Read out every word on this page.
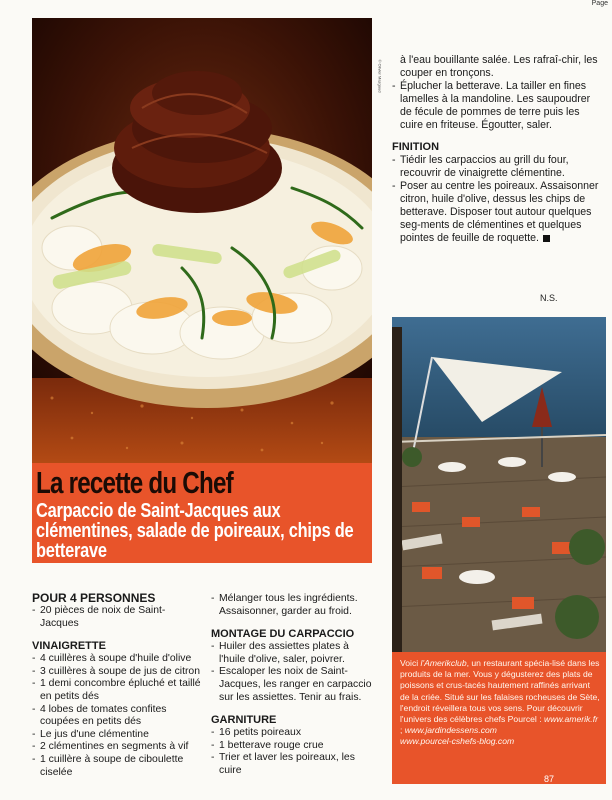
Page
© Olivier Mazgaud
La recette du Chef
Carpaccio de Saint-Jacques aux clémentines, salade de poireaux, chips de betterave
POUR 4 PERSONNES
- 20 pièces de noix de Saint-Jacques
VINAIGRETTE
- 4 cuillères à soupe d'huile d'olive
- 3 cuillères à soupe de jus de citron
- 1 demi concombre épluché et taillé en petits dés
- 4 lobes de tomates confites coupées en petits dés
- Le jus d'une clémentine
- 2 clémentines en segments à vif
- 1 cuillère à soupe de ciboulette ciselée
- Mélanger tous les ingrédients. Assaisonner, garder au froid.
MONTAGE DU CARPACCIO
- Huiler des assiettes plates à l'huile d'olive, saler, poivrer.
- Escaloper les noix de Saint-Jacques, les ranger en carpaccio sur les assiettes. Tenir au frais.
GARNITURE
- 16 petits poireaux
- 1 betterave rouge crue
- Trier et laver les poireaux, les cuire

à l'eau bouillante salée. Les rafraî-chir, les couper en tronçons.

- Éplucher la betterave. La tailler en fines lamelles à la mandoline. Les saupoudrer de fécule de pommes de terre puis les cuire en friteuse. Égoutter, saler.
FINITION
- Tiédir les carpaccios au grill du four, recouvrir de vinaigrette clémentine.
- Poser au centre les poireaux. Assaisonner citron, huile d'olive, dessus les chips de betterave. Disposer tout autour quelques seg-ments de clémentines et quelques pointes de feuille de roquette.
N.S.

Voici l'Amerikclub, un restaurant spécia-lisé dans les produits de la mer. Vous y dégusterez des plats de poissons et crus-tacés hautement raffinés arrivant de la criée. Situé sur les falaises rocheuses de Sète, l'endroit réveillera tous vos sens. Pour découvrir l'univers des célèbres chefs Pourcel : www.amerik.fr ; www.jardindessens.com
www.pourcel-cshefs-blog.com

87
